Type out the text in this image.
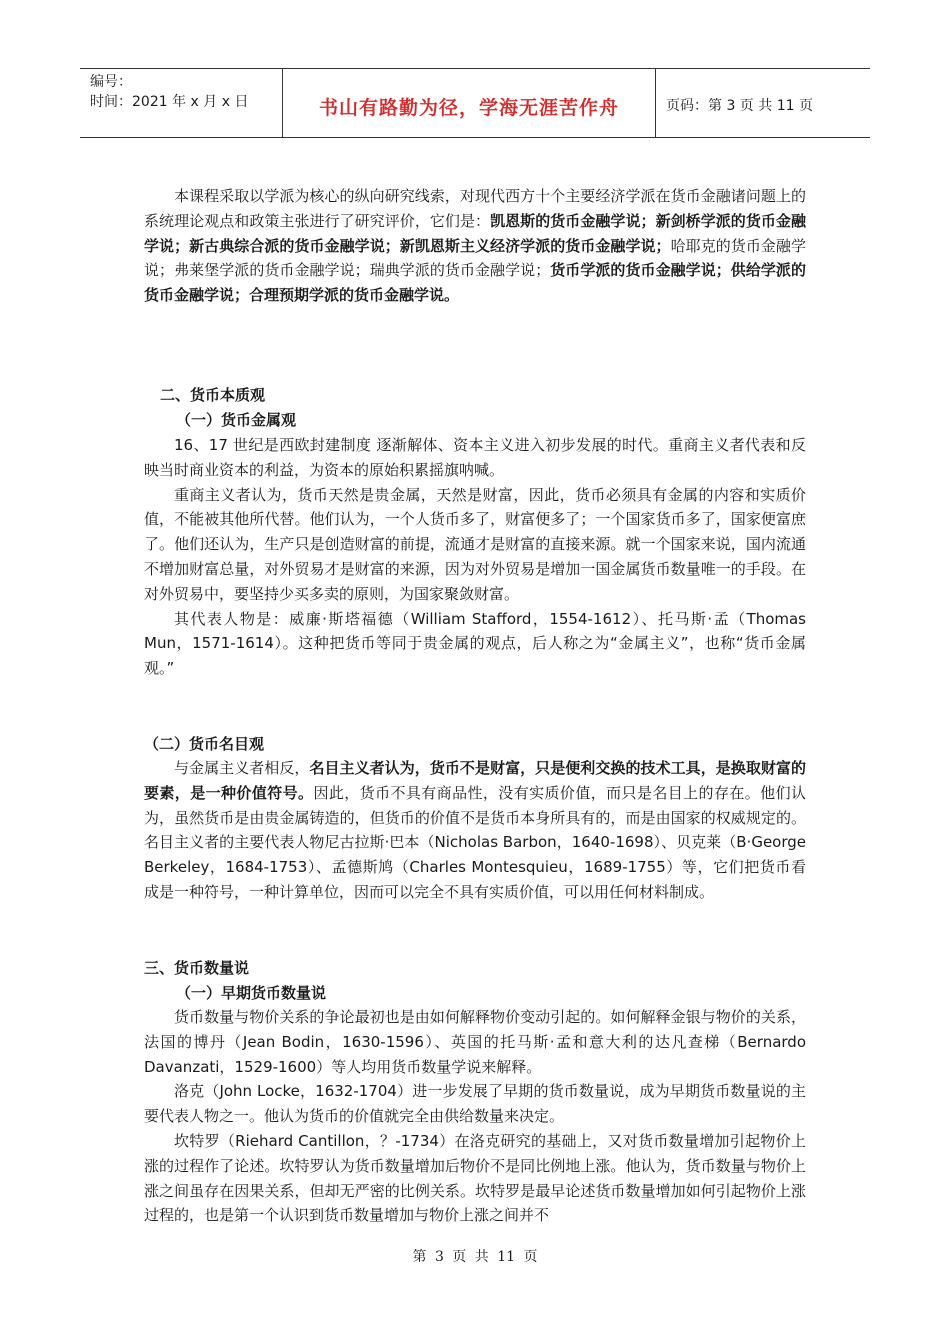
编号：
时间：2021 年 x 月 x 日	书山有路勤为径，学海无涯苦作舟	页码：第 3 页 共 11 页

本课程采取以学派为核心的纵向研究线索，对现代西方十个主要经济学派在货币金融诸问题上的系统理论观点和政策主张进行了研究评价，它们是：凯恩斯的货币金融学说；新剑桥学派的货币金融学说；新古典综合派的货币金融学说；新凯恩斯主义经济学派的货币金融学说；哈耶克的货币金融学说；弗莱堡学派的货币金融学说；瑞典学派的货币金融学说；货币学派的货币金融学说；供给学派的货币金融学说；合理预期学派的货币金融学说。

二、货币本质观
（一）货币金属观

16、17 世纪是西欧封建制度 逐渐解体、资本主义进入初步发展的时代。重商主义者代表和反映当时商业资本的利益，为资本的原始积累摇旗呐喊。

重商主义者认为，货币天然是贵金属，天然是财富，因此，货币必须具有金属的内容和实质价值，不能被其他所代替。他们认为，一个人货币多了，财富便多了；一个国家货币多了，国家便富庶了。他们还认为，生产只是创造财富的前提，流通才是财富的直接来源。就一个国家来说，国内流通不增加财富总量，对外贸易才是财富的来源，因为对外贸易是增加一国金属货币数量唯一的手段。在对外贸易中，要坚持少买多卖的原则，为国家聚敛财富。

其代表人物是：威廉·斯塔福德（William Stafford，1554-1612）、托马斯·孟（Thomas Mun，1571-1614）。这种把货币等同于贵金属的观点，后人称之为“金属主义”，也称“货币金属观。”

（二）货币名目观

与金属主义者相反，名目主义者认为，货币不是财富，只是便利交换的技术工具，是换取财富的要素，是一种价值符号。因此，货币不具有商品性，没有实质价值，而只是名目上的存在。他们认为，虽然货币是由贵金属铸造的，但货币的价值不是货币本身所具有的，而是由国家的权威规定的。名目主义者的主要代表人物尼古拉斯·巴本（Nicholas Barbon，1640-1698）、贝克莱（B·George Berkeley，1684-1753）、孟德斯鸠（Charles Montesquieu，1689-1755）等，它们把货币看成是一种符号，一种计算单位，因而可以完全不具有实质价值，可以用任何材料制成。

三、货币数量说
（一）早期货币数量说

货币数量与物价关系的争论最初也是由如何解释物价变动引起的。如何解释金银与物价的关系，法国的博丹（Jean Bodin，1630-1596）、英国的托马斯·孟和意大利的达凡查梯（Bernardo Davanzati，1529-1600）等人均用货币数量学说来解释。

洛克（John Locke，1632-1704）进一步发展了早期的货币数量说，成为早期货币数量说的主要代表人物之一。他认为货币的价值就完全由供给数量来决定。

坎特罗（Riehard Cantillon，？-1734）在洛克研究的基础上，又对货币数量增加引起物价上涨的过程作了论述。坎特罗认为货币数量增加后物价不是同比例地上涨。他认为，货币数量与物价上涨之间虽存在因果关系，但却无严密的比例关系。坎特罗是最早论述货币数量增加如何引起物价上涨过程的，也是第一个认识到货币数量增加与物价上涨之间并不

第 3 页 共 11 页
